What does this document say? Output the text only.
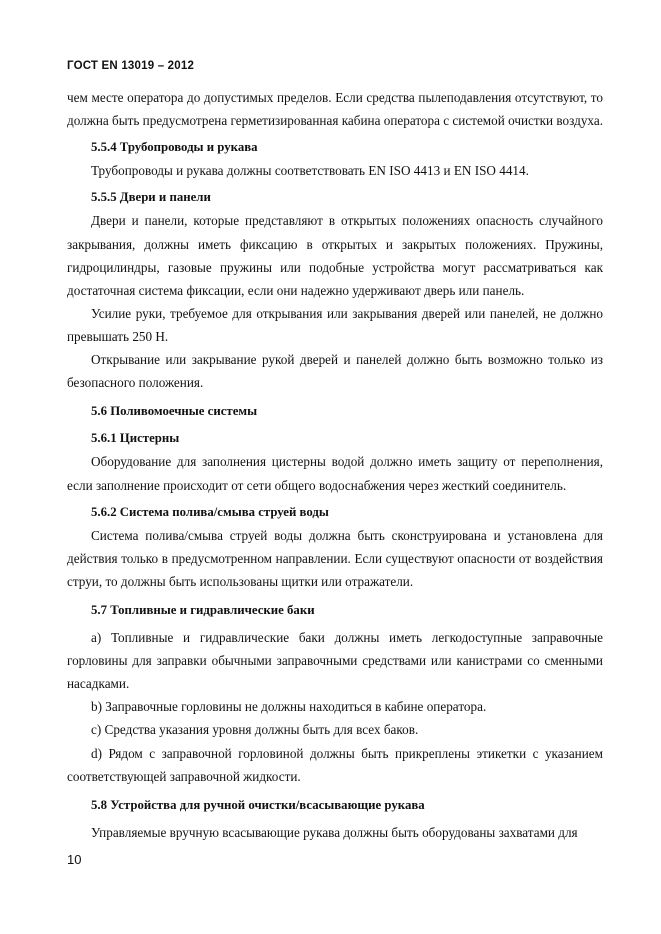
ГОСТ EN 13019 – 2012

чем месте оператора до допустимых пределов. Если средства пылеподавления отсутствуют, то должна быть предусмотрена герметизированная кабина оператора с системой очистки воздуха.

5.5.4 Трубопроводы и рукава

Трубопроводы и рукава должны соответствовать EN ISO 4413 и EN ISO 4414.

5.5.5 Двери и панели

Двери и панели, которые представляют в открытых положениях опасность случайного закрывания, должны иметь фиксацию в открытых и закрытых положениях. Пружины, гидроцилиндры, газовые пружины или подобные устройства могут рассматриваться как достаточная система фиксации, если они надежно удерживают дверь или панель.

Усилие руки, требуемое для открывания или закрывания дверей или панелей, не должно превышать 250 Н.

Открывание или закрывание рукой дверей и панелей должно быть возможно только из безопасного положения.

5.6 Поливомоечные системы

5.6.1 Цистерны

Оборудование для заполнения цистерны водой должно иметь защиту от переполнения, если заполнение происходит от сети общего водоснабжения через жесткий соединитель.

5.6.2 Система полива/смыва струей воды

Система полива/смыва струей воды должна быть сконструирована и установлена для действия только в предусмотренном направлении. Если существуют опасности от воздействия струи, то должны быть использованы щитки или отражатели.

5.7 Топливные и гидравлические баки

a) Топливные и гидравлические баки должны иметь легкодоступные заправочные горловины для заправки обычными заправочными средствами или канистрами со сменными насадками.

b) Заправочные горловины не должны находиться в кабине оператора.

c) Средства указания уровня должны быть для всех баков.

d) Рядом с заправочной горловиной должны быть прикреплены этикетки с указанием соответствующей заправочной жидкости.

5.8 Устройства для ручной очистки/всасывающие рукава

Управляемые вручную всасывающие рукава должны быть оборудованы захватами для

10
